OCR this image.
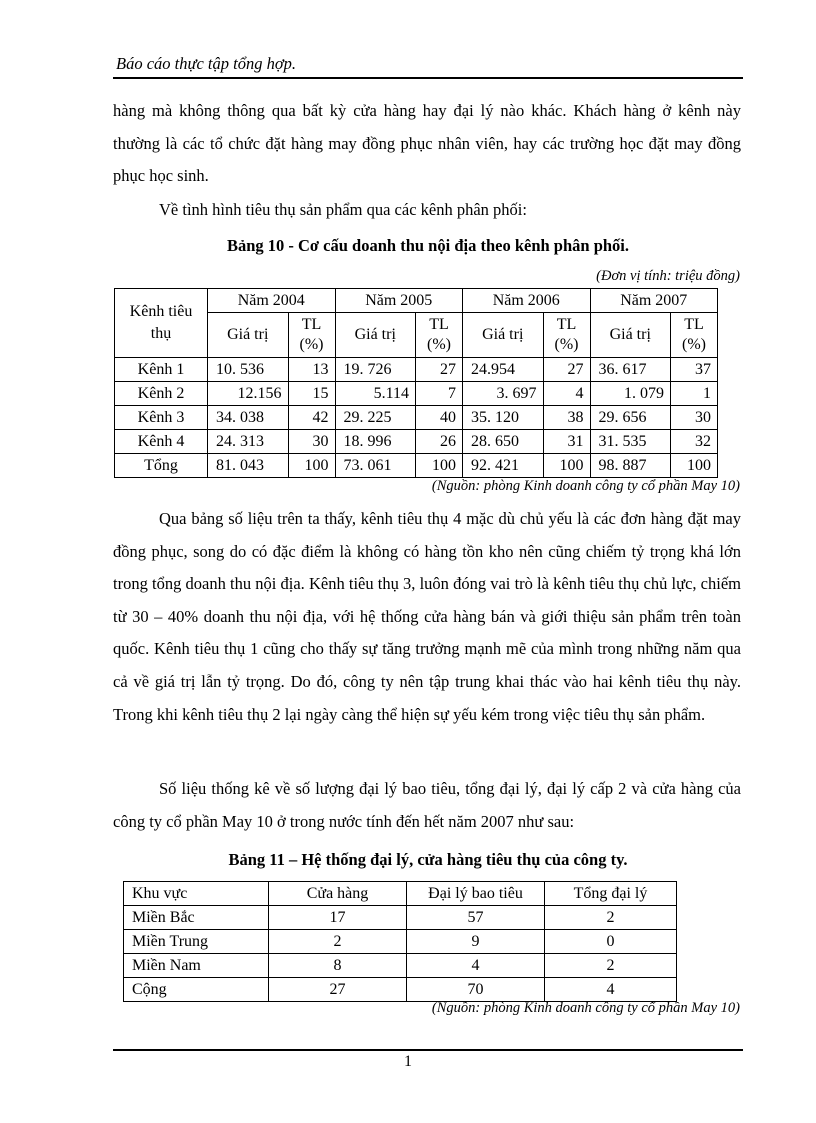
Báo cáo thực tập tổng hợp.

hàng mà không thông qua bất kỳ cửa hàng hay đại lý nào khác. Khách hàng ở kênh này thường là các tổ chức đặt hàng may đồng phục nhân viên, hay các trường học đặt may đồng phục học sinh.

Về tình hình tiêu thụ sản phẩm qua các kênh phân phối:

Bảng 10 - Cơ cấu doanh thu nội địa theo kênh phân phối.

(Đơn vị tính: triệu đồng)

Kênh tiêu thụ	Năm 2004		Năm 2005		Năm 2006		Năm 2007	
	Giá trị	TL (%)	Giá trị	TL (%)	Giá trị	TL (%)	Giá trị	TL (%)
Kênh 1	10. 536	13	19. 726	27	24.954	27	36. 617	37
Kênh 2	12.156	15	5.114	7	3. 697	4	1. 079	1
Kênh 3	34. 038	42	29. 225	40	35. 120	38	29. 656	30
Kênh 4	24. 313	30	18. 996	26	28. 650	31	31. 535	32
Tổng	81. 043	100	73. 061	100	92. 421	100	98. 887	100

(Nguồn: phòng Kinh doanh công ty cổ phần May 10)

Qua bảng số liệu trên ta thấy, kênh tiêu thụ 4 mặc dù chủ yếu là các đơn hàng đặt may đồng phục, song do có đặc điểm là không có hàng tồn kho nên cũng chiếm tỷ trọng khá lớn trong tổng doanh thu nội địa. Kênh tiêu thụ 3, luôn đóng vai trò là kênh tiêu thụ chủ lực, chiếm từ 30 – 40% doanh thu nội địa, với hệ thống cửa hàng bán và giới thiệu sản phẩm trên toàn quốc. Kênh tiêu thụ 1 cũng cho thấy sự tăng trưởng mạnh mẽ của mình trong những năm qua cả về giá trị lẫn tỷ trọng. Do đó, công ty nên tập trung khai thác vào hai kênh tiêu thụ này. Trong khi kênh tiêu thụ 2 lại ngày càng thể hiện sự yếu kém trong việc tiêu thụ sản phẩm.

Số liệu thống kê về số lượng đại lý bao tiêu, tổng đại lý, đại lý cấp 2 và cửa hàng của công ty cổ phần May 10 ở trong nước tính đến hết năm 2007 như sau:

Bảng 11 – Hệ thống đại lý, cửa hàng tiêu thụ của công ty.

Khu vực	Cửa hàng	Đại lý bao tiêu	Tổng đại lý
Miền Bắc	17	57	2
Miền Trung	2	9	0
Miền Nam	8	4	2
Cộng	27	70	4

(Nguồn: phòng Kinh doanh công ty cổ phần May 10)

1
